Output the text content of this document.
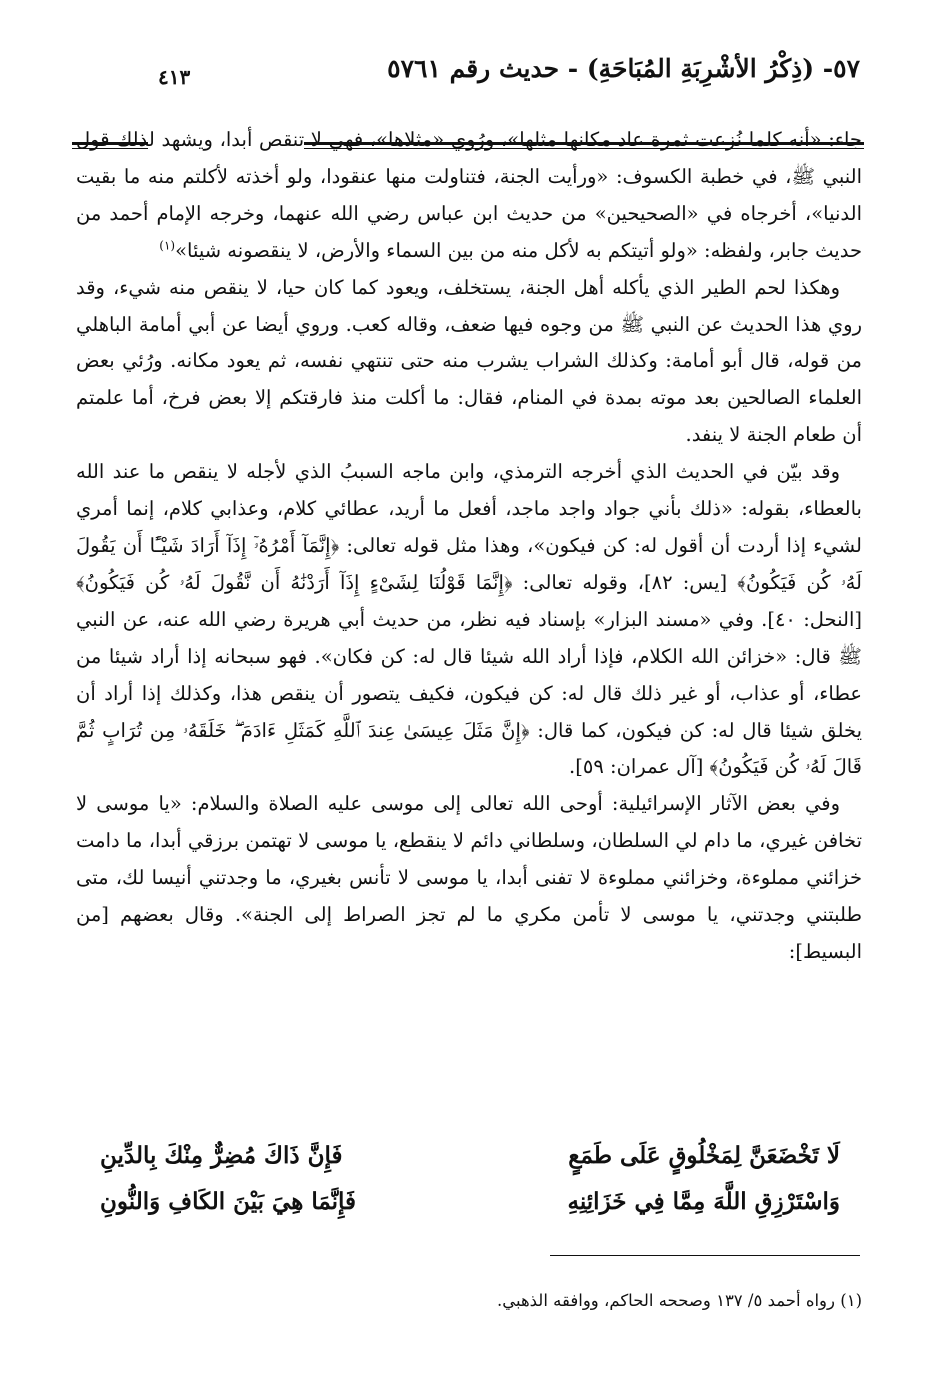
٥٧- (ذِكْرُ الأشْرِبَةِ المُبَاحَةِ) - حديث رقم ٥٧٦١
٤١٣

جاء: «أنه كلما نُزعت ثمرة عاد مكانها مثلها»، ورُوي «مثلاها»، فهي لا تنقص أبدا، ويشهد لذلك قول النبي ﷺ، في خطبة الكسوف: «ورأيت الجنة، فتناولت منها عنقودا، ولو أخذته لأكلتم منه ما بقيت الدنيا»، أخرجاه في «الصحيحين» من حديث ابن عباس رضي الله عنهما، وخرجه الإمام أحمد من حديث جابر، ولفظه: «ولو أتيتكم به لأكل منه من بين السماء والأرض، لا ينقصونه شيئا»$^{(١)}$

وهكذا لحم الطير الذي يأكله أهل الجنة، يستخلف، ويعود كما كان حيا، لا ينقص منه شيء، وقد روي هذا الحديث عن النبي ﷺ من وجوه فيها ضعف، وقاله كعب. وروي أيضا عن أبي أمامة الباهلي من قوله، قال أبو أمامة: وكذلك الشراب يشرب منه حتى تنتهي نفسه، ثم يعود مكانه. ورُئي بعض العلماء الصالحين بعد موته بمدة في المنام، فقال: ما أكلت منذ فارقتكم إلا بعض فرخ، أما علمتم أن طعام الجنة لا ينفد.

وقد بيّن في الحديث الذي أخرجه الترمذي، وابن ماجه السببُ الذي لأجله لا ينقص ما عند الله بالعطاء، بقوله: «ذلك بأني جواد واجد ماجد، أفعل ما أريد، عطائي كلام، وعذابي كلام، إنما أمري لشيء إذا أردت أن أقول له: كن فيكون»، وهذا مثل قوله تعالى: ﴿إِنَّمَآ أَمْرُهُۥٓ إِذَآ أَرَادَ شَيْـًٔا أَن يَقُولَ لَهُۥ كُن فَيَكُونُ﴾ [يس: ٨٢]، وقوله تعالى: ﴿إِنَّمَا قَوْلُنَا لِشَىْءٍ إِذَآ أَرَدْنَٰهُ أَن نَّقُولَ لَهُۥ كُن فَيَكُونُ﴾ [النحل: ٤٠]. وفي «مسند البزار» بإسناد فيه نظر، من حديث أبي هريرة رضي الله عنه، عن النبي ﷺ قال: «خزائن الله الكلام، فإذا أراد الله شيئا قال له: كن فكان». فهو سبحانه إذا أراد شيئا من عطاء، أو عذاب، أو غير ذلك قال له: كن فيكون، فكيف يتصور أن ينقص هذا، وكذلك إذا أراد أن يخلق شيئا قال له: كن فيكون، كما قال: ﴿إِنَّ مَثَلَ عِيسَىٰ عِندَ ٱللَّهِ كَمَثَلِ ءَادَمَ ۖ خَلَقَهُۥ مِن تُرَابٍ ثُمَّ قَالَ لَهُۥ كُن فَيَكُونُ﴾ [آل عمران: ٥٩].

وفي بعض الآثار الإسرائيلية: أوحى الله تعالى إلى موسى عليه الصلاة والسلام: «يا موسى لا تخافن غيري، ما دام لي السلطان، وسلطاني دائم لا ينقطع، يا موسى لا تهتمن برزقي أبدا، ما دامت خزائني مملوءة، وخزائني مملوءة لا تفنى أبدا، يا موسى لا تأنس بغيري، ما وجدتني أنيسا لك، متى طلبتني وجدتني، يا موسى لا تأمن مكري ما لم تجز الصراط إلى الجنة». وقال بعضهم [من البسيط]:

لَا تَخْضَعَنَّ لِمَخْلُوقٍ عَلَى طَمَعٍ
فَإِنَّ ذَاكَ مُضِرٌّ مِنْكَ بِالدِّينِ
وَاسْتَرْزِقِ اللَّهَ مِمَّا فِي خَزَائِنِهِ
فَإِنَّمَا هِيَ بَيْنَ الكَافِ وَالنُّونِ
(١) رواه أحمد ٥/ ١٣٧ وصححه الحاكم، ووافقه الذهبي.
